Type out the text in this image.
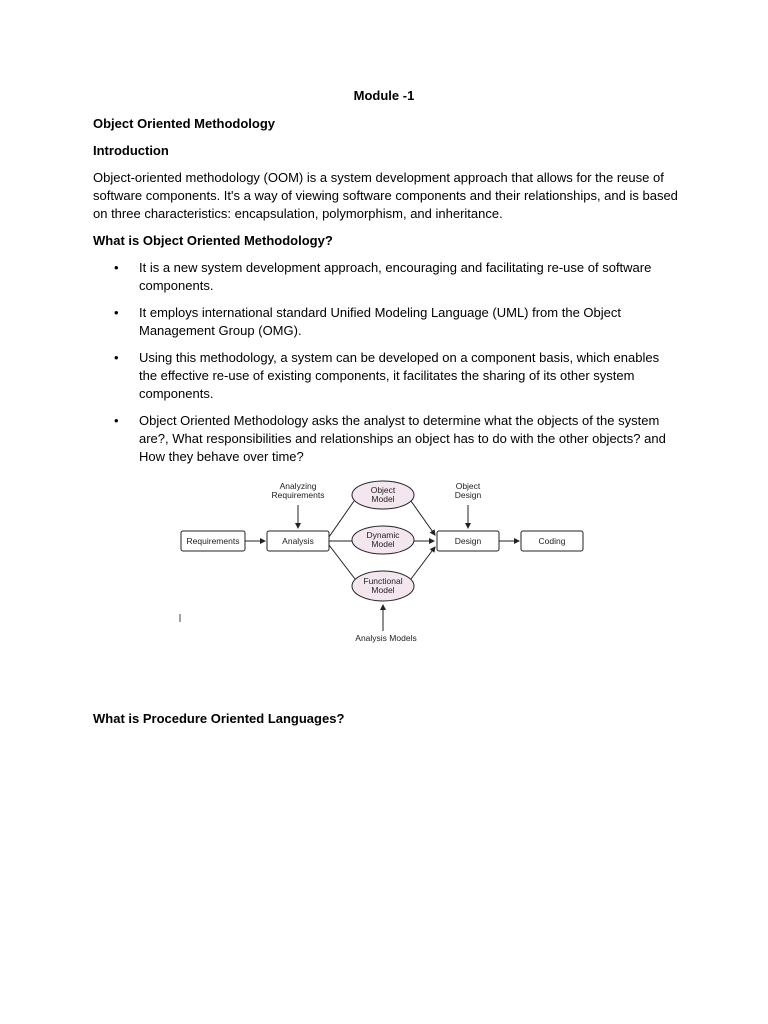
Module -1
Object Oriented Methodology
Introduction

Object-oriented methodology (OOM) is a system development approach that allows for the reuse of software components. It's a way of viewing software components and their relationships, and is based on three characteristics: encapsulation, polymorphism, and inheritance.

What is Object Oriented Methodology?
• It is a new system development approach, encouraging and facilitating re-use of software components.
• It employs international standard Unified Modeling Language (UML) from the Object Management Group (OMG).
• Using this methodology, a system can be developed on a component basis, which enables the effective re-use of existing components, it facilitates the sharing of its other system components.
• Object Oriented Methodology asks the analyst to determine what the objects of the system are?, What responsibilities and relationships an object has to do with the other objects? and How they behave over time?
Requirements	Analysis	Design	Coding
Object
Model
Dynamic
Model
Functional
Model
Analyzing
Requirements
Object
Design
Analysis Models
What is Procedure Oriented Languages?
